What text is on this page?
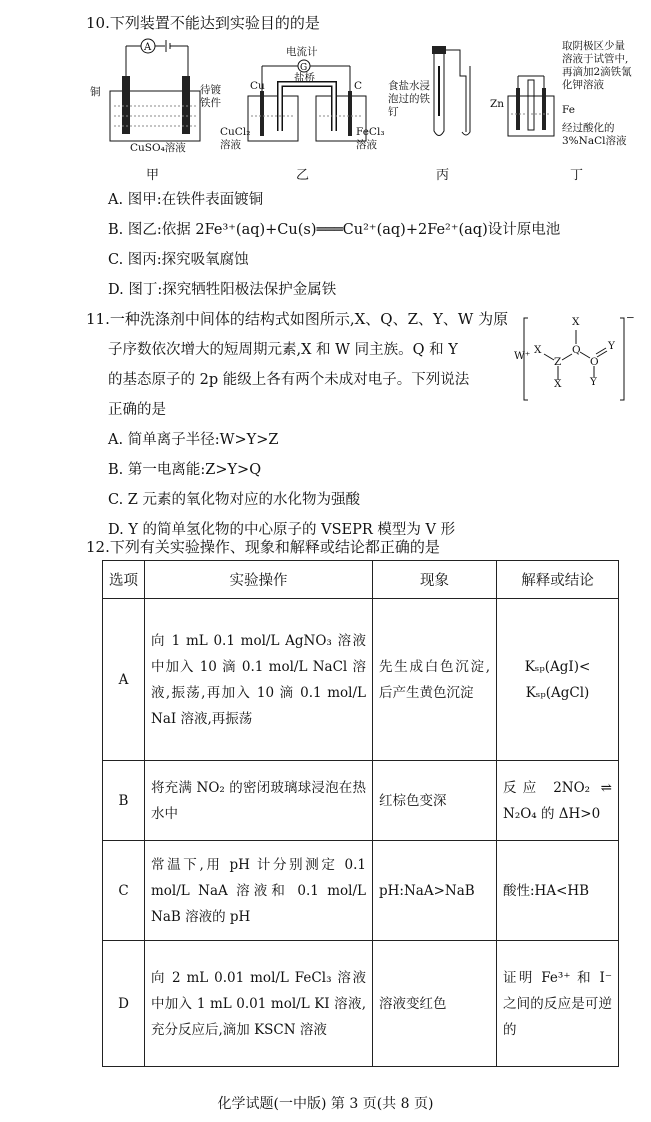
10.下列装置不能达到实验目的的是
A
铜	待镀铁件
CuSO₄溶液
甲
G
电流计
盐桥
Cu	C
CuCl₂溶液
FeCl₃溶液
乙
食盐水浸泡过的铁钉
丙
Zn	Fe
取阴极区少量溶液于试管中,再滴加2滴铁氰化钾溶液
经过酸化的3%NaCl溶液
丁
A. 图甲:在铁件表面镀铜
B. 图乙:依据 2Fe³⁺(aq)+Cu(s)═══Cu²⁺(aq)+2Fe²⁺(aq)设计原电池
C. 图丙:探究吸氧腐蚀
D. 图丁:探究牺牲阳极法保护金属铁
11.一种洗涤剂中间体的结构式如图所示,X、Q、Z、Y、W 为原
子序数依次增大的短周期元素,X 和 W 同主族。Q 和 Y
的基态原子的 2p 能级上各有两个未成对电子。下列说法
正确的是
W⁺ X
Z
X
X
Q
O
Y
Y
−
A. 简单离子半径:W>Y>Z
B. 第一电离能:Z>Y>Q
C. Z 元素的氧化物对应的水化物为强酸
D. Y 的简单氢化物的中心原子的 VSEPR 模型为 V 形
12.下列有关实验操作、现象和解释或结论都正确的是
选项	实验操作	现象	解释或结论
A	向 1 mL 0.1 mol/L AgNO₃ 溶液中加入 10 滴 0.1 mol/L NaCl 溶液,振荡,再加入 10 滴 0.1 mol/L NaI 溶液,再振荡	先生成白色沉淀,后产生黄色沉淀	Kₛₚ(AgI)< Kₛₚ(AgCl)
B	将充满 NO₂ 的密闭玻璃球浸泡在热水中	红棕色变深	反应 2NO₂ ⇌ N₂O₄ 的 ΔH>0
C	常温下,用 pH 计分别测定 0.1 mol/L NaA 溶液和 0.1 mol/L NaB 溶液的 pH	pH:NaA>NaB	酸性:HA<HB
D	向 2 mL 0.01 mol/L FeCl₃ 溶液中加入 1 mL 0.01 mol/L KI 溶液,充分反应后,滴加 KSCN 溶液	溶液变红色	证明 Fe³⁺ 和 I⁻ 之间的反应是可逆的
化学试题(一中版) 第 3 页(共 8 页)
